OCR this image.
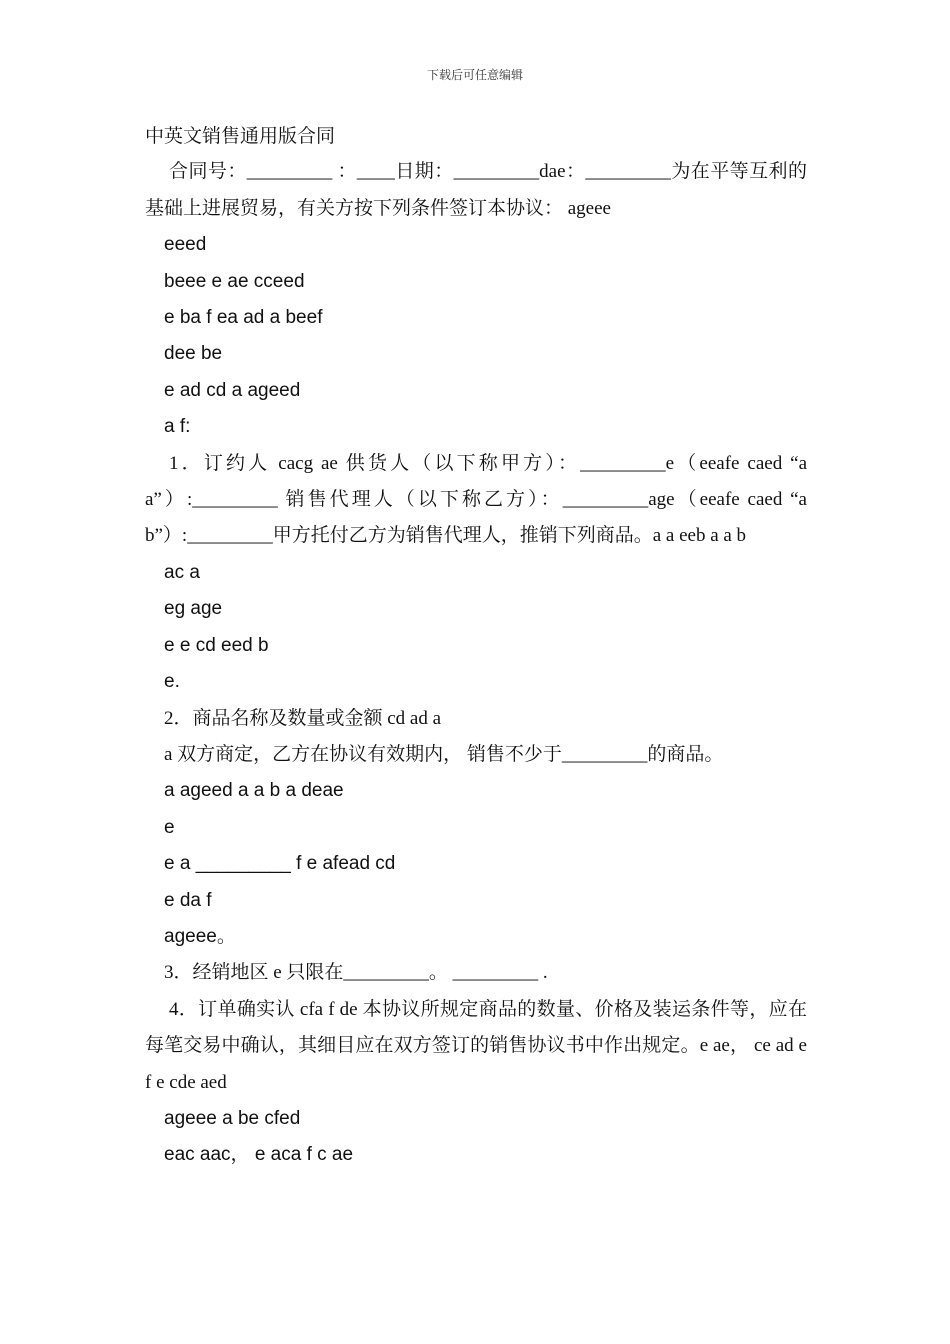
下载后可任意编辑

中英文销售通用版合同

合同号：_________ ：____日期：_________dae：_________为在平等互利的基础上进展贸易，有关方按下列条件签订本协议： ageee

eeed

beee e ae cceed

e ba f ea ad a beef

dee be

e ad cd a ageed

a f:

1．订约人 cacg ae 供货人（以下称甲方）：_________e（eeafe caed “a a”）:_________ 销售代理人（以下称乙方）：_________age（eeafe caed “a b”）:_________甲方托付乙方为销售代理人，推销下列商品。a a eeb a a b

ac a

eg age

e e cd eed b

e.

2．商品名称及数量或金额 cd ad a

a 双方商定，乙方在协议有效期内， 销售不少于_________的商品。

a ageed a a b a deae

e

e a _________ f e afead cd

e da f

ageee。

3．经销地区 e 只限在_________。 _________ .

4．订单确实认 cfa f de 本协议所规定商品的数量、价格及装运条件等，应在每笔交易中确认，其细目应在双方签订的销售协议书中作出规定。e ae， ce ad e f e cde aed

ageee a be cfed

eac aac， e aca f c ae
